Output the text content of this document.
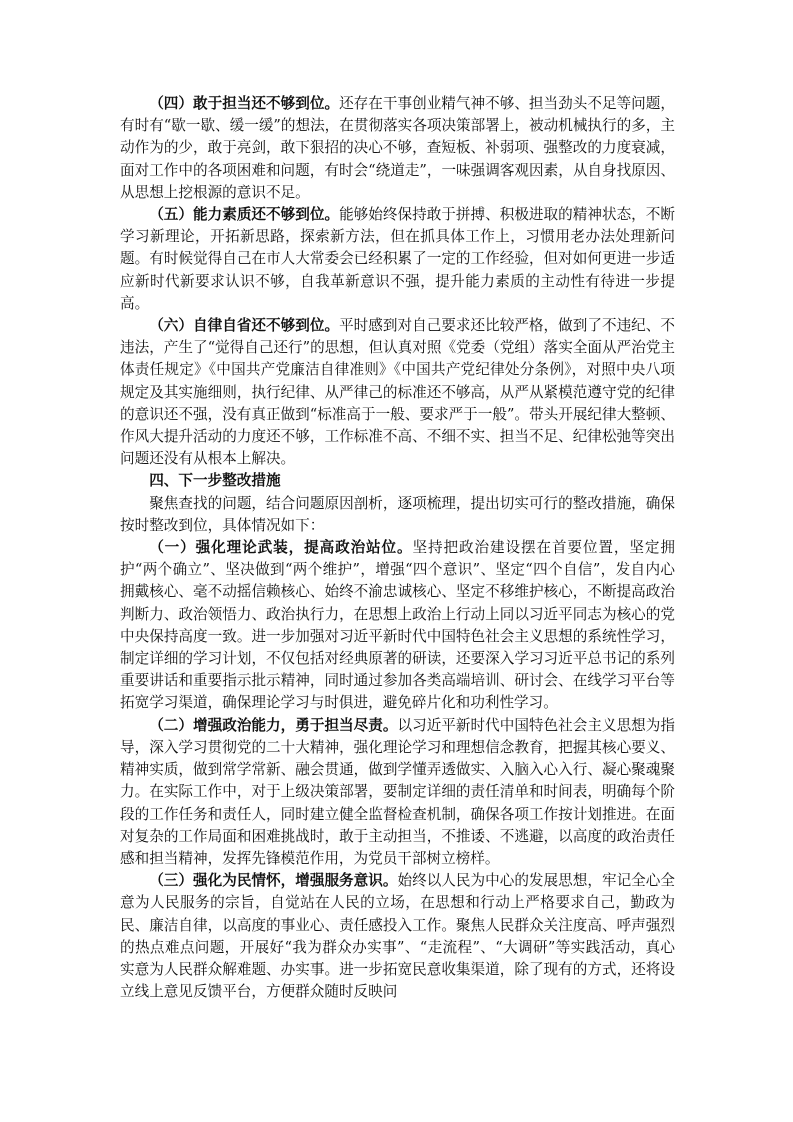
（四）敢于担当还不够到位。还存在干事创业精气神不够、担当劲头不足等问题，有时有“歇一歇、缓一缓”的想法，在贯彻落实各项决策部署上，被动机械执行的多，主动作为的少，敢于亮剑，敢下狠招的决心不够，查短板、补弱项、强整改的力度衰减，面对工作中的各项困难和问题，有时会“绕道走”，一味强调客观因素，从自身找原因、从思想上挖根源的意识不足。

（五）能力素质还不够到位。能够始终保持敢于拼搏、积极进取的精神状态，不断学习新理论，开拓新思路，探索新方法，但在抓具体工作上，习惯用老办法处理新问题。有时候觉得自己在市人大常委会已经积累了一定的工作经验，但对如何更进一步适应新时代新要求认识不够，自我革新意识不强，提升能力素质的主动性有待进一步提高。

（六）自律自省还不够到位。平时感到对自己要求还比较严格，做到了不违纪、不违法，产生了“觉得自己还行”的思想，但认真对照《党委（党组）落实全面从严治党主体责任规定》《中国共产党廉洁自律准则》《中国共产党纪律处分条例》，对照中央八项规定及其实施细则，执行纪律、从严律己的标准还不够高，从严从紧模范遵守党的纪律的意识还不强，没有真正做到“标准高于一般、要求严于一般”。带头开展纪律大整顿、作风大提升活动的力度还不够，工作标准不高、不细不实、担当不足、纪律松弛等突出问题还没有从根本上解决。

四、下一步整改措施

聚焦查找的问题，结合问题原因剖析，逐项梳理，提出切实可行的整改措施，确保按时整改到位，具体情况如下：

（一）强化理论武装，提高政治站位。坚持把政治建设摆在首要位置，坚定拥护“两个确立”、坚决做到“两个维护”，增强“四个意识”、坚定“四个自信”，发自内心拥戴核心、毫不动摇信赖核心、始终不渝忠诚核心、坚定不移维护核心，不断提高政治判断力、政治领悟力、政治执行力，在思想上政治上行动上同以习近平同志为核心的党中央保持高度一致。进一步加强对习近平新时代中国特色社会主义思想的系统性学习，制定详细的学习计划，不仅包括对经典原著的研读，还要深入学习习近平总书记的系列重要讲话和重要指示批示精神，同时通过参加各类高端培训、研讨会、在线学习平台等拓宽学习渠道，确保理论学习与时俱进，避免碎片化和功利性学习。

（二）增强政治能力，勇于担当尽责。以习近平新时代中国特色社会主义思想为指导，深入学习贯彻党的二十大精神，强化理论学习和理想信念教育，把握其核心要义、精神实质，做到常学常新、融会贯通，做到学懂弄透做实、入脑入心入行、凝心聚魂聚力。在实际工作中，对于上级决策部署，要制定详细的责任清单和时间表，明确每个阶段的工作任务和责任人，同时建立健全监督检查机制，确保各项工作按计划推进。在面对复杂的工作局面和困难挑战时，敢于主动担当，不推诿、不逃避，以高度的政治责任感和担当精神，发挥先锋模范作用，为党员干部树立榜样。

（三）强化为民情怀，增强服务意识。始终以人民为中心的发展思想，牢记全心全意为人民服务的宗旨，自觉站在人民的立场，在思想和行动上严格要求自己，勤政为民、廉洁自律，以高度的事业心、责任感投入工作。聚焦人民群众关注度高、呼声强烈的热点难点问题，开展好“我为群众办实事”、“走流程”、“大调研”等实践活动，真心实意为人民群众解难题、办实事。进一步拓宽民意收集渠道，除了现有的方式，还将设立线上意见反馈平台，方便群众随时反映问
